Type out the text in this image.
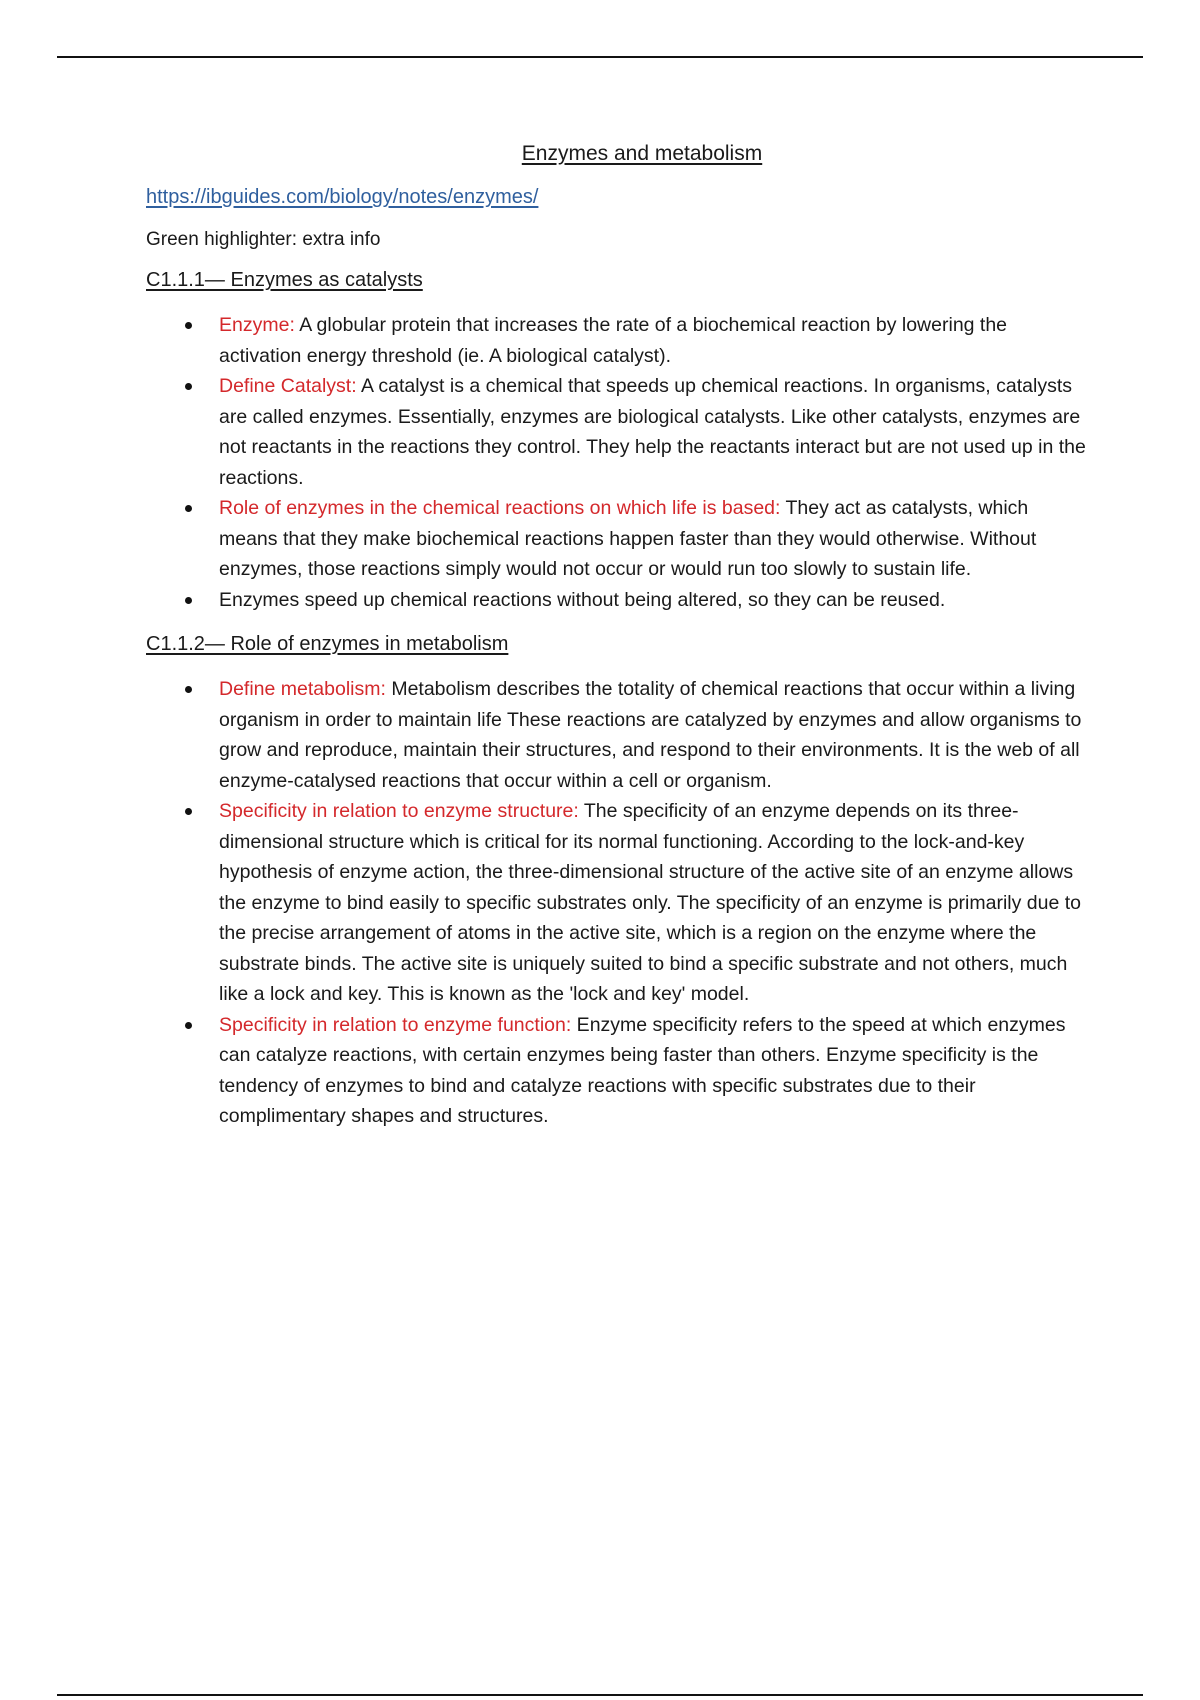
Enzymes and metabolism
https://ibguides.com/biology/notes/enzymes/
Green highlighter: extra info
C1.1.1— Enzymes as catalysts
Enzyme: A globular protein that increases the rate of a biochemical reaction by lowering the activation energy threshold (ie. A biological catalyst).
Define Catalyst: A catalyst is a chemical that speeds up chemical reactions. In organisms, catalysts are called enzymes. Essentially, enzymes are biological catalysts. Like other catalysts, enzymes are not reactants in the reactions they control. They help the reactants interact but are not used up in the reactions.
Role of enzymes in the chemical reactions on which life is based: They act as catalysts, which means that they make biochemical reactions happen faster than they would otherwise. Without enzymes, those reactions simply would not occur or would run too slowly to sustain life.
Enzymes speed up chemical reactions without being altered, so they can be reused.
C1.1.2— Role of enzymes in metabolism
Define metabolism: Metabolism describes the totality of chemical reactions that occur within a living organism in order to maintain life These reactions are catalyzed by enzymes and allow organisms to grow and reproduce, maintain their structures, and respond to their environments. It is the web of all enzyme-catalysed reactions that occur within a cell or organism.
Specificity in relation to enzyme structure: The specificity of an enzyme depends on its three-dimensional structure which is critical for its normal functioning. According to the lock-and-key hypothesis of enzyme action, the three-dimensional structure of the active site of an enzyme allows the enzyme to bind easily to specific substrates only. The specificity of an enzyme is primarily due to the precise arrangement of atoms in the active site, which is a region on the enzyme where the substrate binds. The active site is uniquely suited to bind a specific substrate and not others, much like a lock and key. This is known as the 'lock and key' model.
Specificity in relation to enzyme function: Enzyme specificity refers to the speed at which enzymes can catalyze reactions, with certain enzymes being faster than others. Enzyme specificity is the tendency of enzymes to bind and catalyze reactions with specific substrates due to their complimentary shapes and structures.
